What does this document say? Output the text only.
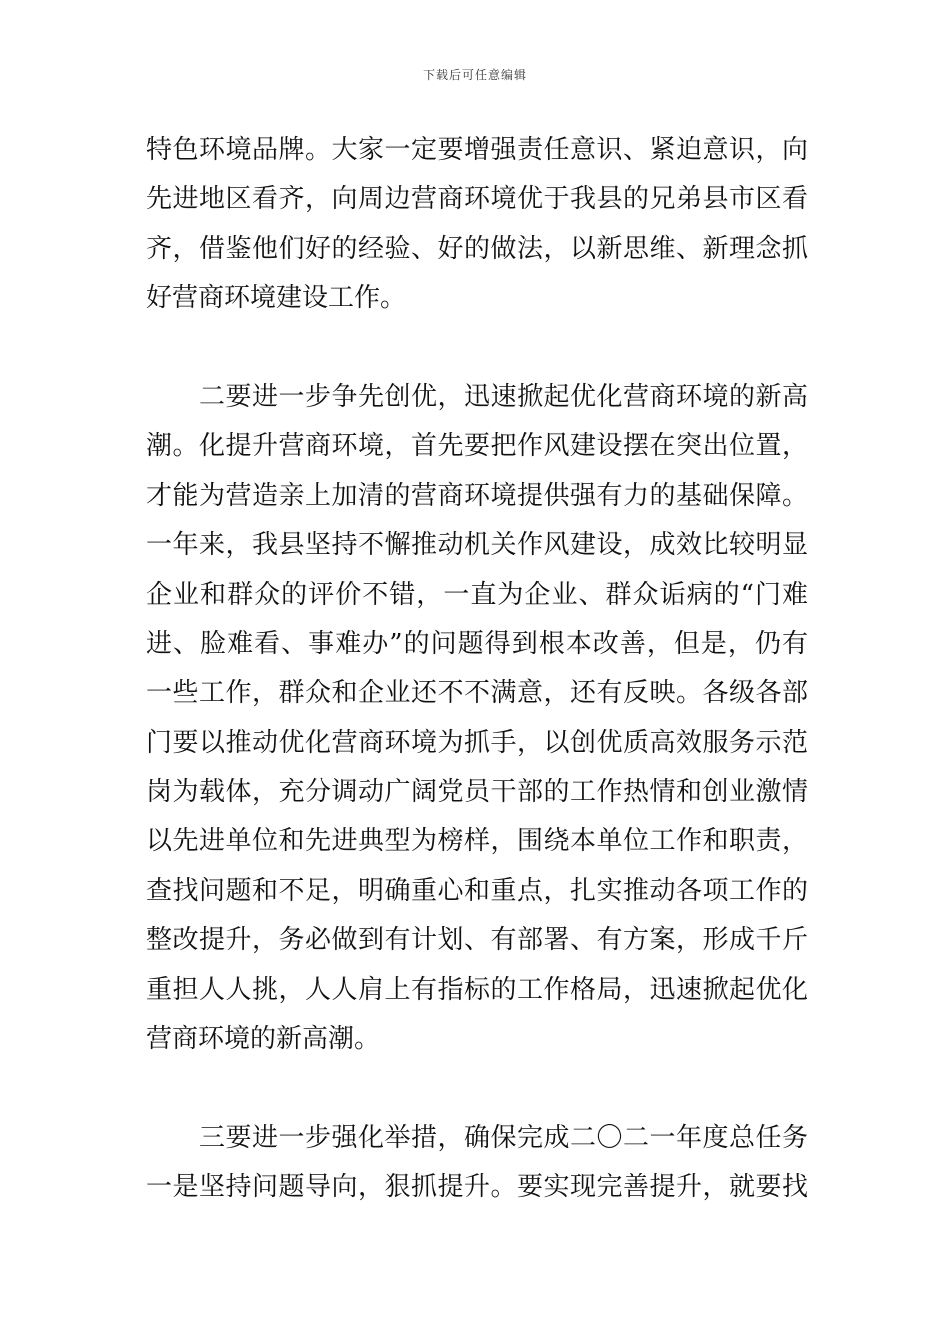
下载后可任意编辑
特色环境品牌。大家一定要增强责任意识、紧迫意识，向
先进地区看齐，向周边营商环境优于我县的兄弟县市区看
齐，借鉴他们好的经验、好的做法，以新思维、新理念抓
好营商环境建设工作。
　　二要进一步争先创优，迅速掀起优化营商环境的新高
潮。化提升营商环境，首先要把作风建设摆在突出位置，
才能为营造亲上加清的营商环境提供强有力的基础保障。
一年来，我县坚持不懈推动机关作风建设，成效比较明显
企业和群众的评价不错，一直为企业、群众诟病的“门难
进、脸难看、事难办”的问题得到根本改善，但是，仍有
一些工作，群众和企业还不不满意，还有反映。各级各部
门要以推动优化营商环境为抓手，以创优质高效服务示范
岗为载体，充分调动广阔党员干部的工作热情和创业激情
以先进单位和先进典型为榜样，围绕本单位工作和职责，
查找问题和不足，明确重心和重点，扎实推动各项工作的
整改提升，务必做到有计划、有部署、有方案，形成千斤
重担人人挑，人人肩上有指标的工作格局，迅速掀起优化
营商环境的新高潮。
　　三要进一步强化举措，确保完成二〇二一年度总任务
一是坚持问题导向，狠抓提升。要实现完善提升，就要找
